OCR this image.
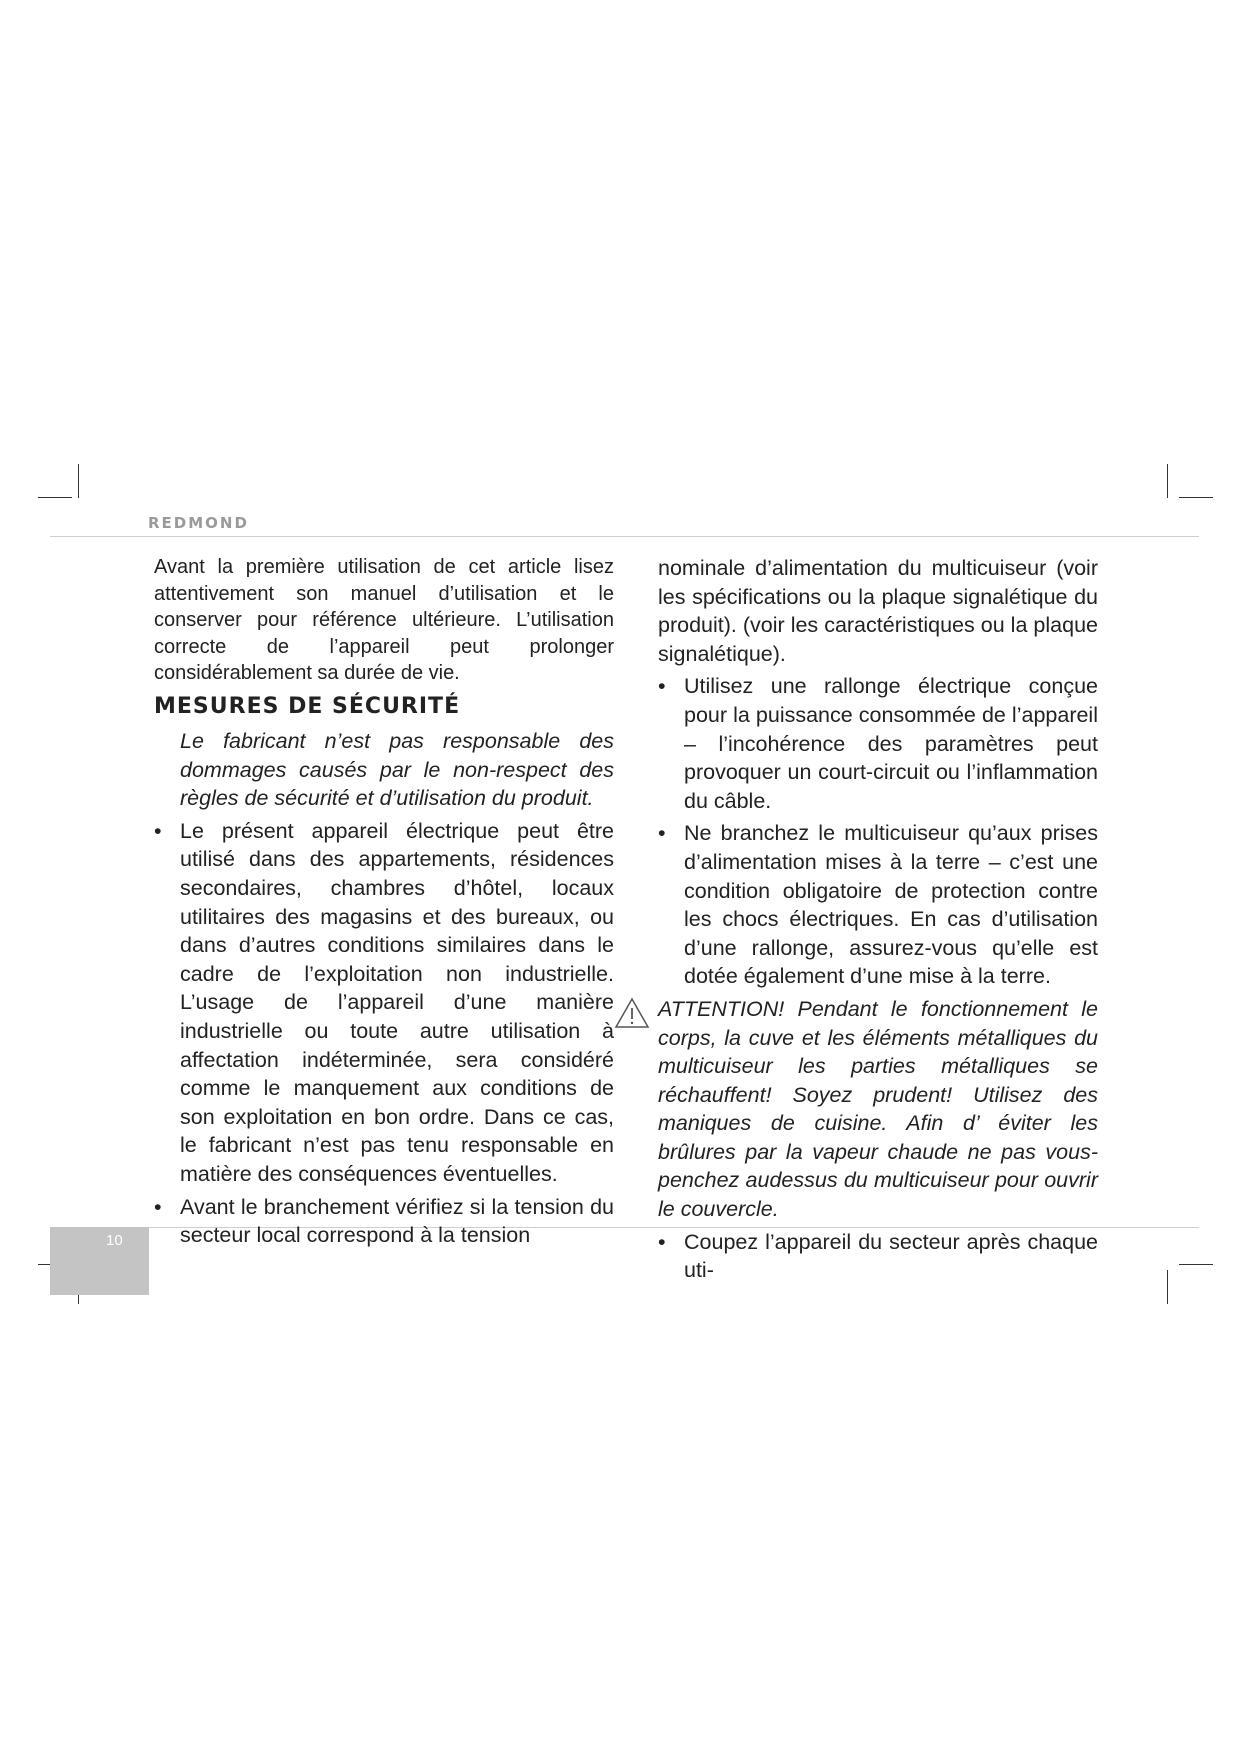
REDMOND
10

Avant la première utilisation de cet article lisez attentivement son manuel d’utilisation et le conserver pour référence ultérieure. L’utilisation correcte de l’appareil peut prolonger considérablement sa durée de vie.

MESURES DE SÉCURITÉ

Le fabricant n’est pas responsable des dommages causés par le non-respect des règles de sécurité et d’utilisation du produit.

• Le présent appareil électrique peut être utilisé dans des appartements, résidences secondaires, chambres d’hôtel, locaux utilitaires des magasins et des bureaux, ou dans d’autres conditions similaires dans le cadre de l’exploitation non industrielle. L’usage de l’appareil d’une manière industrielle ou toute autre utilisation à affectation indéterminée, sera considéré comme le manquement aux conditions de son exploitation en bon ordre. Dans ce cas, le fabricant n’est pas tenu responsable en matière des conséquences éventuelles.
• Avant le branchement vérifiez si la tension du secteur local correspond à la tension

nominale d’alimentation du multicuiseur (voir les spécifications ou la plaque signalétique du produit). (voir les caractéristiques ou la plaque signalétique).

• Utilisez une rallonge électrique conçue pour la puissance consommée de l’appareil – l’incohérence des paramètres peut provoquer un court-circuit ou l’inflammation du câble.
• Ne branchez le multicuiseur qu’aux prises d’alimentation mises à la terre – c’est une condition obligatoire de protection contre les chocs électriques. En cas d’utilisation d’une rallonge, assurez-vous qu’elle est dotée également d’une mise à la terre.
ATTENTION! Pendant le fonctionnement le corps, la cuve et les éléments métalliques du multicuiseur les parties métalliques se réchauffent! Soyez prudent! Utilisez des maniques de cuisine. Afin d’ éviter les brûlures par la vapeur chaude ne pas vous-penchez audessus du multicuiseur pour ouvrir le couvercle.
• Coupez l’appareil du secteur après chaque uti-
